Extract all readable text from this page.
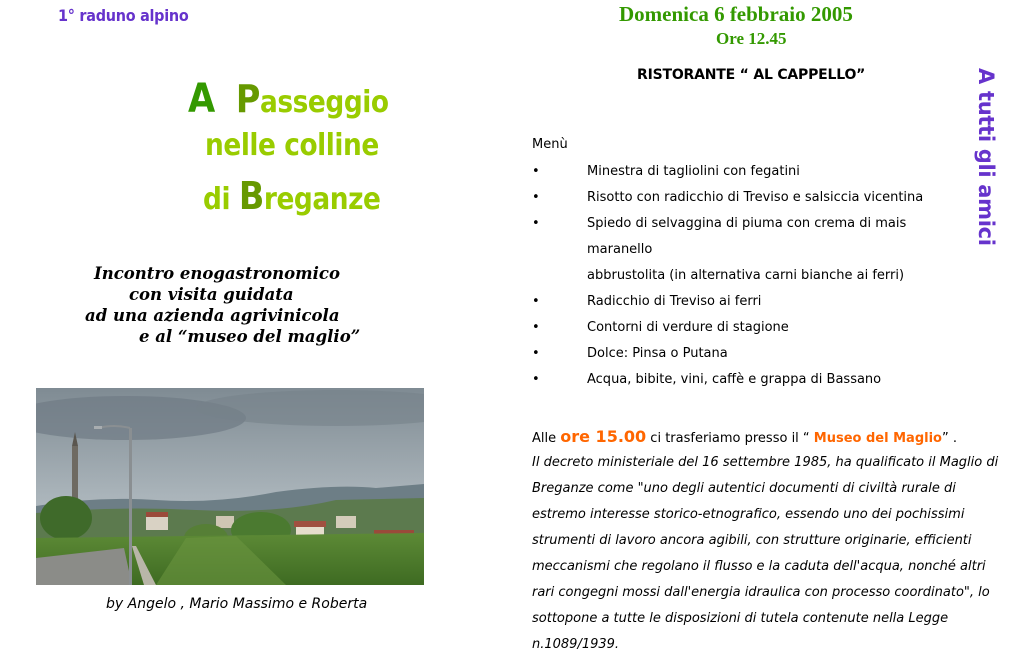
1° raduno alpino
A Passeggio
nelle colline
di Breganze
Incontro enogastronomico
con visita guidata
ad una azienda agrivinicola
e al “museo del maglio”
by Angelo , Mario Massimo e Roberta
Domenica 6 febbraio 2005
Ore 12.45
RISTORANTE “ AL CAPPELLO”	A tutti gli amici
Menù
•	Minestra di tagliolini con fegatini
•	Risotto con radicchio di Treviso e salsiccia vicentina
•	Spiedo di selvaggina di piuma con crema di mais maranello
abbrustolita (in alternativa carni bianche ai ferri)
•	Radicchio di Treviso ai ferri
•	Contorni di verdure di stagione
•	Dolce: Pinsa o Putana
•	Acqua, bibite, vini, caffè e grappa di Bassano
Alle ore 15.00 ci trasferiamo presso il “ Museo del Maglio” .
Il decreto ministeriale del 16 settembre 1985, ha qualificato il Maglio di
Breganze come "uno degli autentici documenti di civiltà rurale di
estremo interesse storico-etnografico, essendo uno dei pochissimi
strumenti di lavoro ancora agibili, con strutture originarie, efficienti
meccanismi che regolano il flusso e la caduta dell'acqua, nonché altri
rari congegni mossi dall'energia idraulica con processo coordinato", lo
sottopone a tutte le disposizioni di tutela contenute nella Legge
n.1089/1939.
